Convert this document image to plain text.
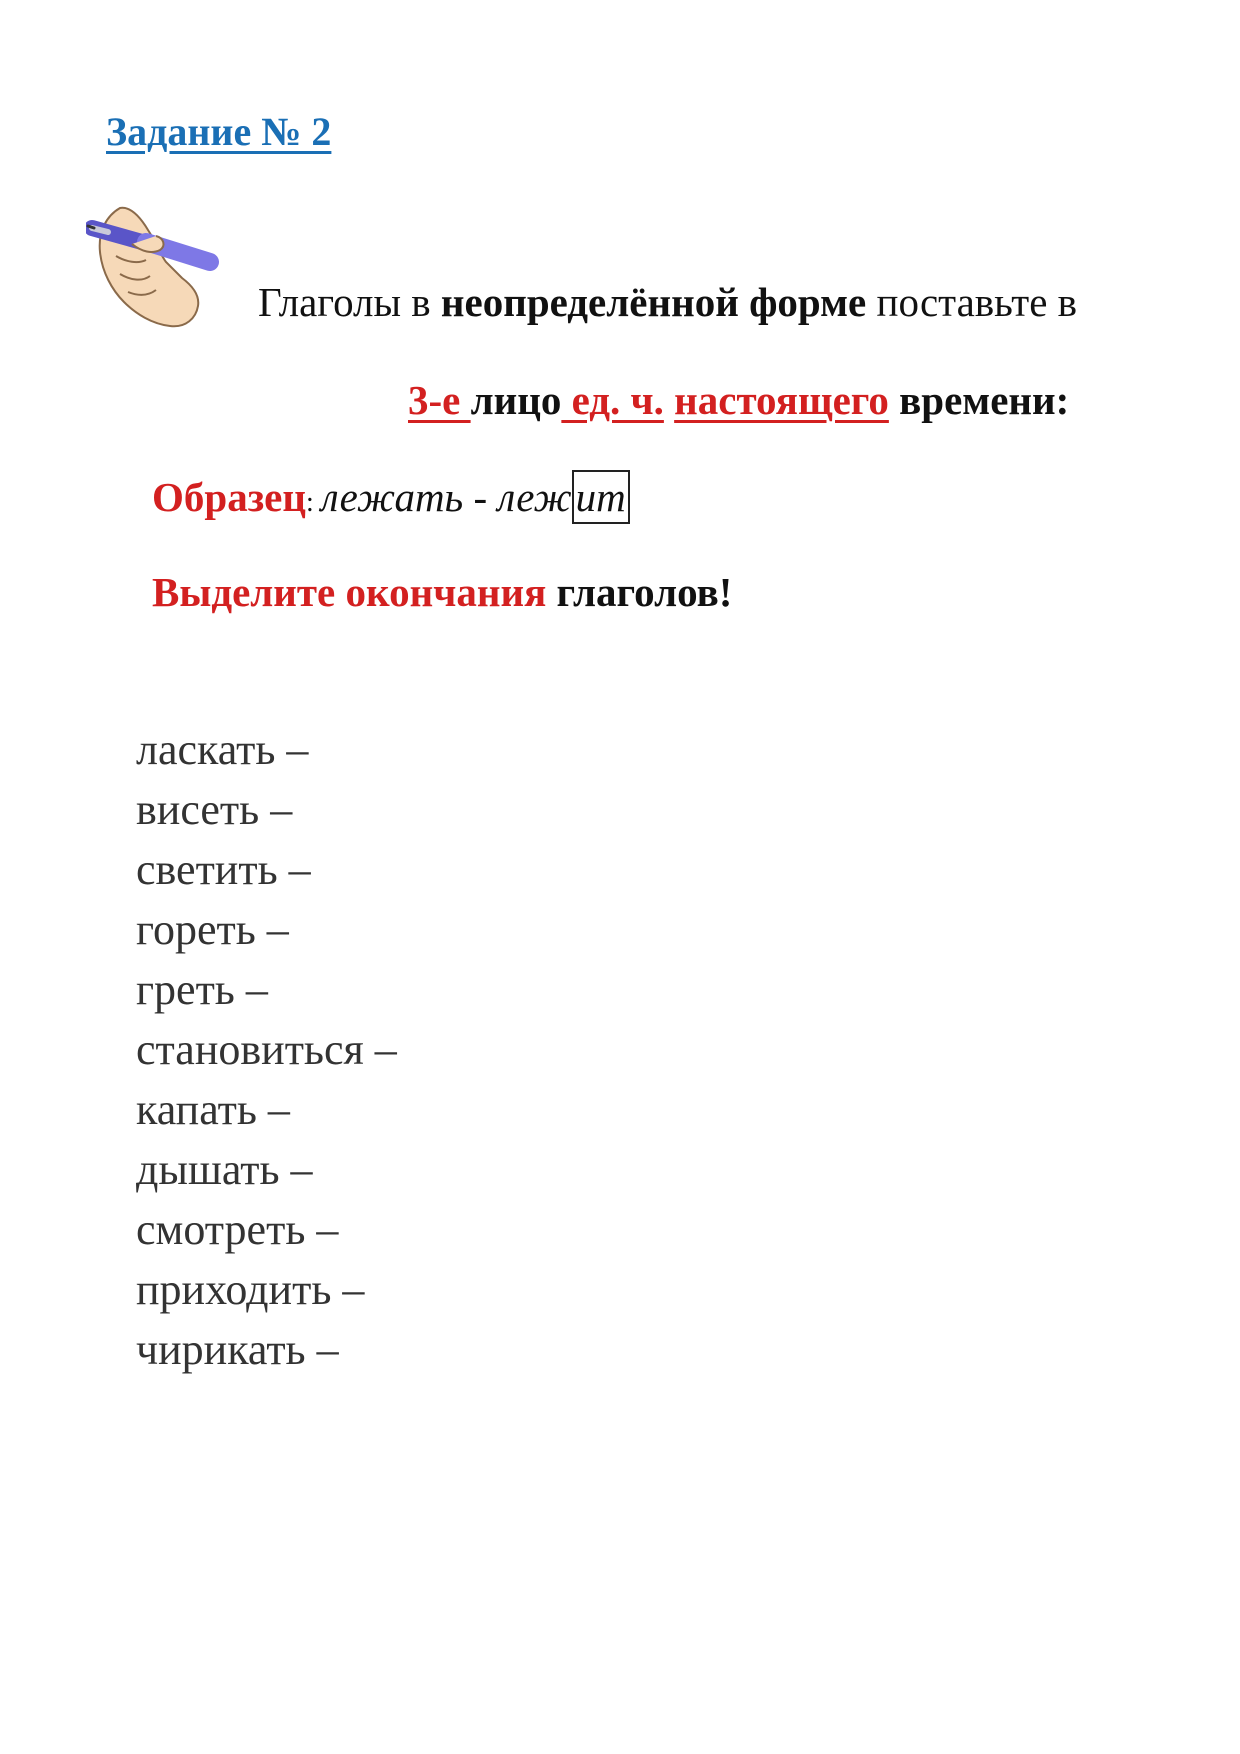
Задание № 2
Глаголы в неопределённой форме поставьте в
3-е лицо ед. ч. настоящего времени:
Образец: лежать - лежит
Выделите окончания глаголов!
ласкать –
висеть –
светить –
гореть –
греть –
становиться –
капать –
дышать –
смотреть –
приходить –
чирикать –
